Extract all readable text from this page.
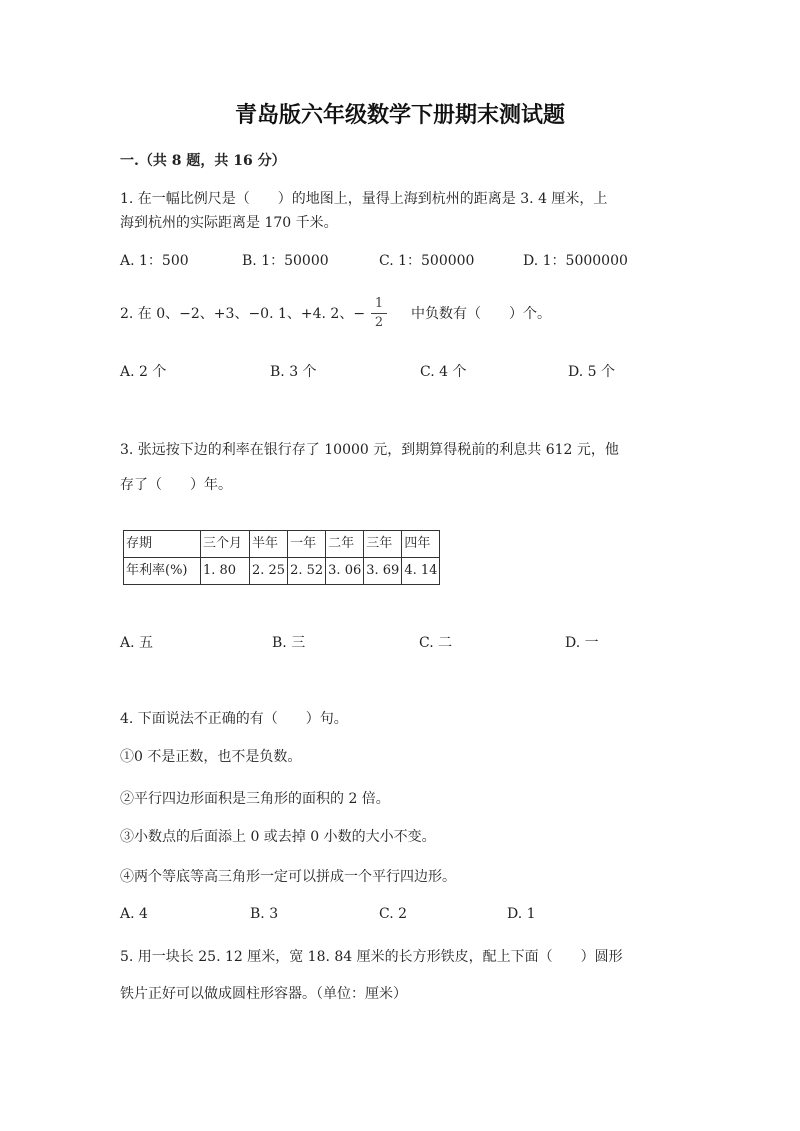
青岛版六年级数学下册期末测试题
一.（共 8 题，共 16 分）
1. 在一幅比例尺是（　　）的地图上，量得上海到杭州的距离是 3. 4 厘米，上
海到杭州的实际距离是 170 千米。
A. 1：500	B. 1：50000	C. 1：500000	D. 1：5000000
2. 在 0、−2、+3、−0. 1、+4. 2、−
1
2
中负数有（　　）个。
A. 2 个	B. 3 个	C. 4 个	D. 5 个
3. 张远按下边的利率在银行存了 10000 元，到期算得税前的利息共 612 元，他
存了（　　）年。
存期	三个月	半年	一年	二年	三年	四年
年利率(%)	1. 80	2. 25	2. 52	3. 06	3. 69	4. 14
A. 五	B. 三	C. 二	D. 一
4. 下面说法不正确的有（　　）句。
①0 不是正数，也不是负数。
②平行四边形面积是三角形的面积的 2 倍。
③小数点的后面添上 0 或去掉 0 小数的大小不变。
④两个等底等高三角形一定可以拼成一个平行四边形。
A. 4	B. 3	C. 2	D. 1
5. 用一块长 25. 12 厘米，宽 18. 84 厘米的长方形铁皮，配上下面（　　）圆形
铁片正好可以做成圆柱形容器。（单位：厘米）
